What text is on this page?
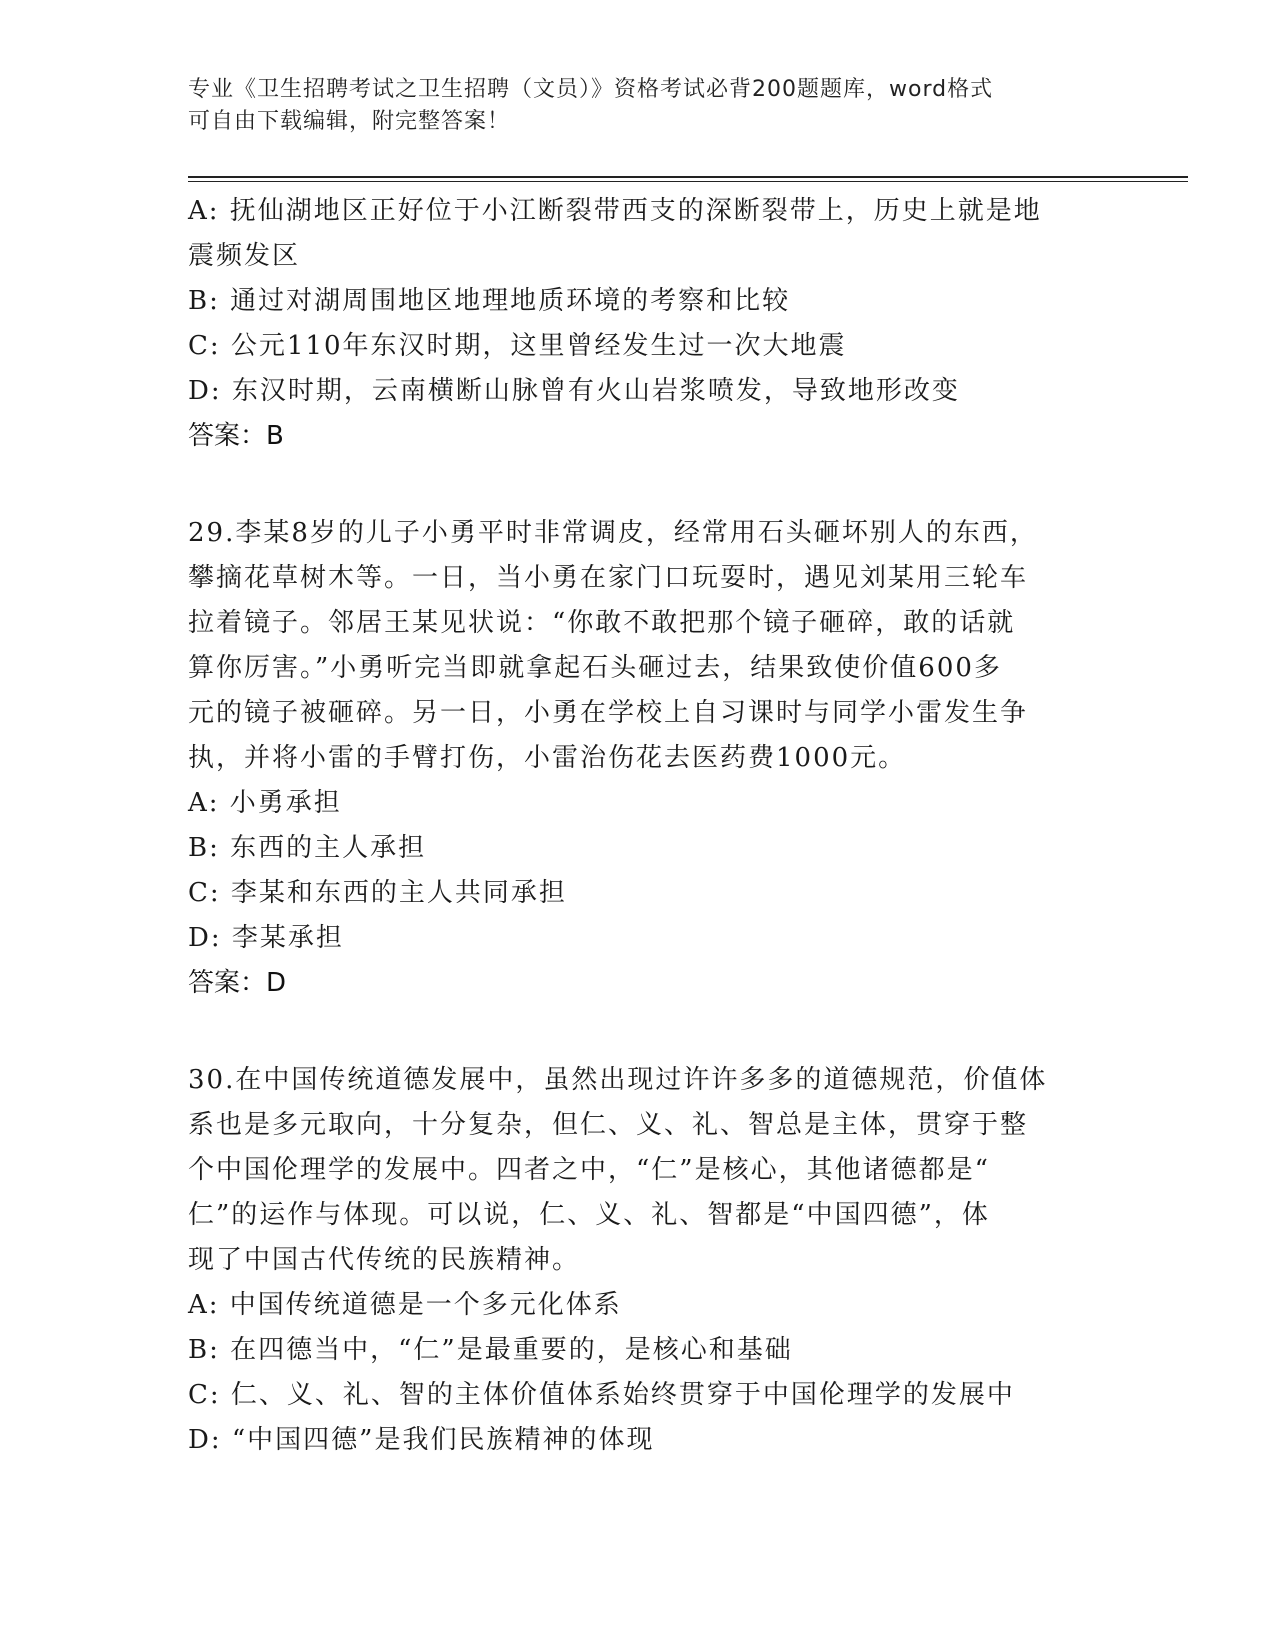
专业《卫生招聘考试之卫生招聘（文员）》资格考试必背200题题库，word格式
可自由下载编辑，附完整答案！

A: 抚仙湖地区正好位于小江断裂带西支的深断裂带上，历史上就是地

震频发区

B: 通过对湖周围地区地理地质环境的考察和比较

C: 公元110年东汉时期，这里曾经发生过一次大地震

D: 东汉时期，云南横断山脉曾有火山岩浆喷发，导致地形改变

答案：B

29.李某8岁的儿子小勇平时非常调皮，经常用石头砸坏别人的东西，

攀摘花草树木等。一日，当小勇在家门口玩耍时，遇见刘某用三轮车

拉着镜子。邻居王某见状说：“你敢不敢把那个镜子砸碎，敢的话就

算你厉害。”小勇听完当即就拿起石头砸过去，结果致使价值600多

元的镜子被砸碎。另一日，小勇在学校上自习课时与同学小雷发生争

执，并将小雷的手臂打伤，小雷治伤花去医药费1000元。

A: 小勇承担

B: 东西的主人承担

C: 李某和东西的主人共同承担

D: 李某承担

答案：D

30.在中国传统道德发展中，虽然出现过许许多多的道德规范，价值体

系也是多元取向，十分复杂，但仁、义、礼、智总是主体，贯穿于整

个中国伦理学的发展中。四者之中，“仁”是核心，其他诸德都是“

仁”的运作与体现。可以说，仁、义、礼、智都是“中国四德”，体

现了中国古代传统的民族精神。

A: 中国传统道德是一个多元化体系

B: 在四德当中，“仁”是最重要的，是核心和基础

C: 仁、义、礼、智的主体价值体系始终贯穿于中国伦理学的发展中

D: “中国四德”是我们民族精神的体现
